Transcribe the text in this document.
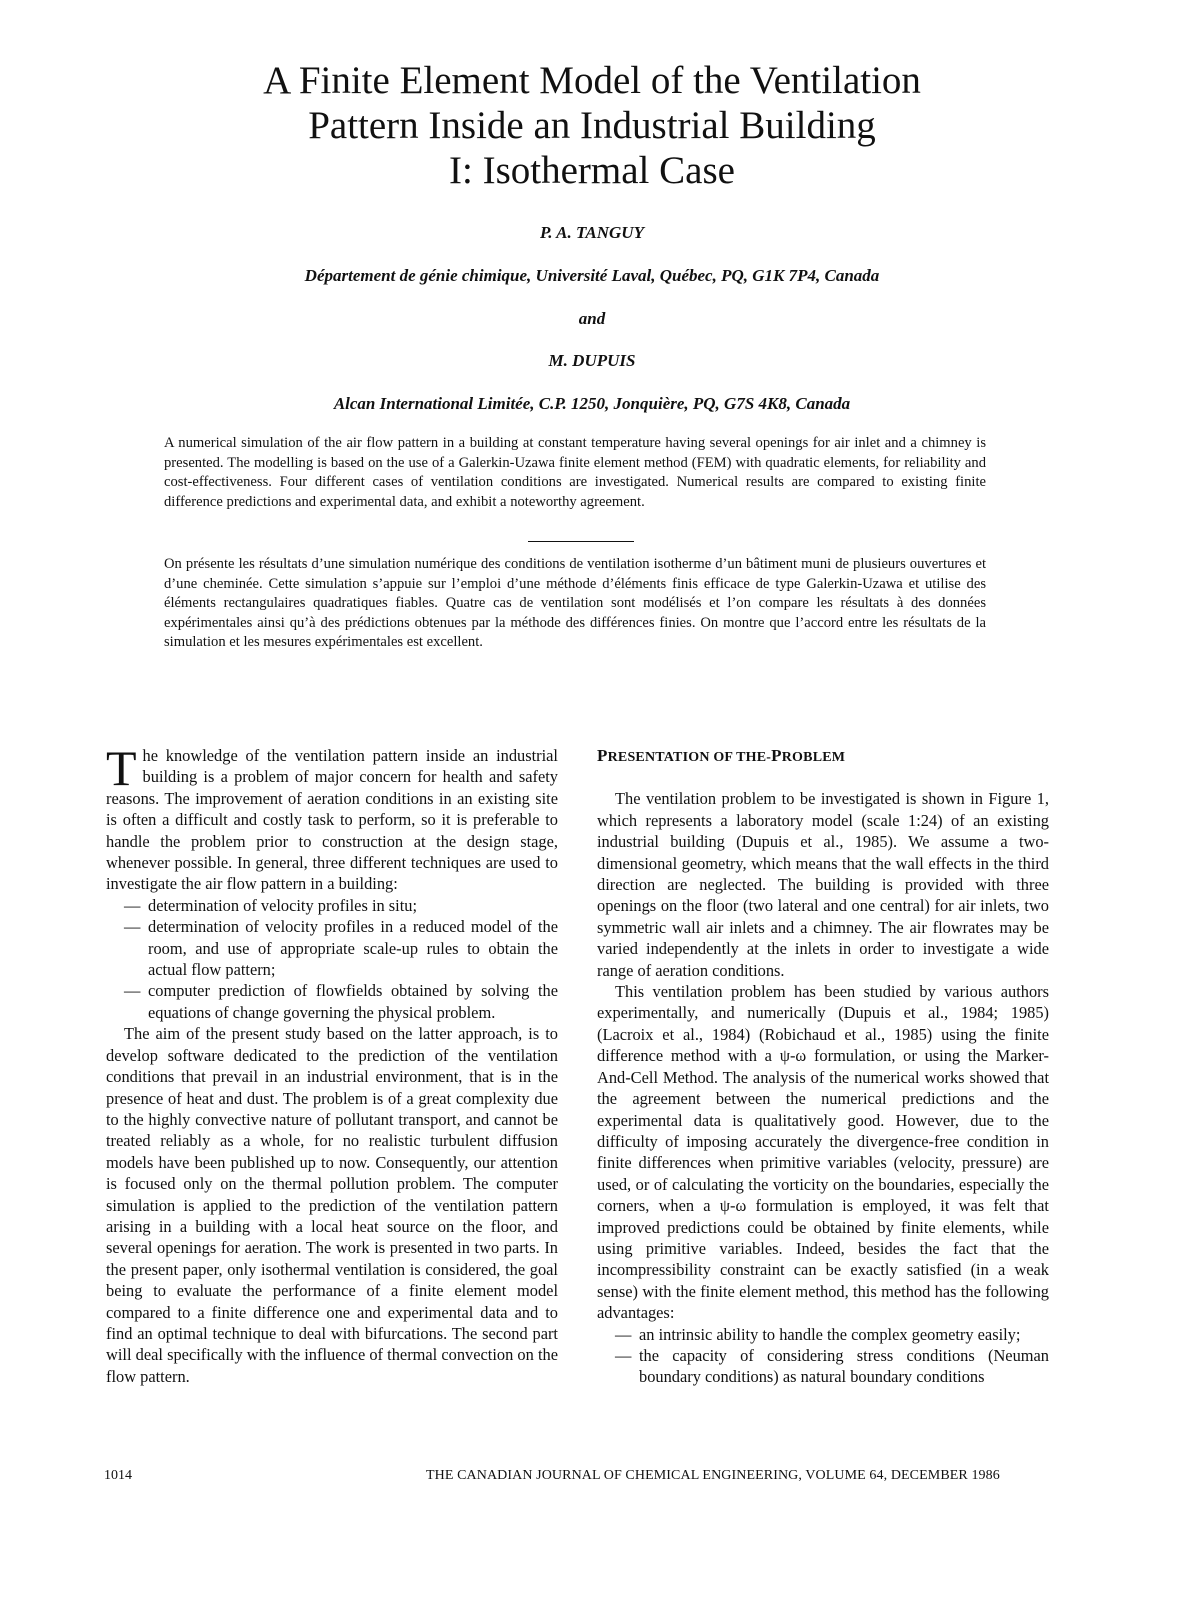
A Finite Element Model of the Ventilation
Pattern Inside an Industrial Building
I: Isothermal Case

P. A. TANGUY

Département de génie chimique, Université Laval, Québec, PQ, G1K 7P4, Canada

and

M. DUPUIS

Alcan International Limitée, C.P. 1250, Jonquière, PQ, G7S 4K8, Canada

A numerical simulation of the air flow pattern in a building at constant temperature having several openings for air inlet and a chimney is presented. The modelling is based on the use of a Galerkin-Uzawa finite element method (FEM) with quadratic elements, for reliability and cost-effectiveness. Four different cases of ventilation conditions are investigated. Numerical results are compared to existing finite difference predictions and experimental data, and exhibit a noteworthy agreement.

On présente les résultats d’une simulation numérique des conditions de ventilation isotherme d’un bâtiment muni de plusieurs ouvertures et d’une cheminée. Cette simulation s’appuie sur l’emploi d’une méthode d’éléments finis efficace de type Galerkin-Uzawa et utilise des éléments rectangulaires quadratiques fiables. Quatre cas de ventilation sont modélisés et l’on compare les résultats à des données expérimentales ainsi qu’à des prédictions obtenues par la méthode des différences finies. On montre que l’accord entre les résultats de la simulation et les mesures expérimentales est excellent.

The knowledge of the ventilation pattern inside an industrial building is a problem of major concern for health and safety reasons. The improvement of aeration conditions in an existing site is often a difficult and costly task to perform, so it is preferable to handle the problem prior to construction at the design stage, whenever possible. In general, three different techniques are used to investigate the air flow pattern in a building:

— determination of velocity profiles in situ;
— determination of velocity profiles in a reduced model of the room, and use of appropriate scale-up rules to obtain the actual flow pattern;
— computer prediction of flowfields obtained by solving the equations of change governing the physical problem.

The aim of the present study based on the latter approach, is to develop software dedicated to the prediction of the ventilation conditions that prevail in an industrial environment, that is in the presence of heat and dust. The problem is of a great complexity due to the highly convective nature of pollutant transport, and cannot be treated reliably as a whole, for no realistic turbulent diffusion models have been published up to now. Consequently, our attention is focused only on the thermal pollution problem. The computer simulation is applied to the prediction of the ventilation pattern arising in a building with a local heat source on the floor, and several openings for aeration. The work is presented in two parts. In the present paper, only isothermal ventilation is considered, the goal being to evaluate the performance of a finite element model compared to a finite difference one and experimental data and to find an optimal technique to deal with bifurcations. The second part will deal specifically with the influence of thermal convection on the flow pattern.

PRESENTATION OF THE‑PROBLEM

The ventilation problem to be investigated is shown in Figure 1, which represents a laboratory model (scale 1:24) of an existing industrial building (Dupuis et al., 1985). We assume a two-dimensional geometry, which means that the wall effects in the third direction are neglected. The building is provided with three openings on the floor (two lateral and one central) for air inlets, two symmetric wall air inlets and a chimney. The air flowrates may be varied independently at the inlets in order to investigate a wide range of aeration conditions.

This ventilation problem has been studied by various authors experimentally, and numerically (Dupuis et al., 1984; 1985) (Lacroix et al., 1984) (Robichaud et al., 1985) using the finite difference method with a ψ-ω formulation, or using the Marker-And-Cell Method. The analysis of the numerical works showed that the agreement between the numerical predictions and the experimental data is qualitatively good. However, due to the difficulty of imposing accurately the divergence-free condition in finite differences when primitive variables (velocity, pressure) are used, or of calculating the vorticity on the boundaries, especially the corners, when a ψ-ω formulation is employed, it was felt that improved predictions could be obtained by finite elements, while using primitive variables. Indeed, besides the fact that the incompressibility constraint can be exactly satisfied (in a weak sense) with the finite element method, this method has the following advantages:

— an intrinsic ability to handle the complex geometry easily;
— the capacity of considering stress conditions (Neuman boundary conditions) as natural boundary conditions

1014	THE CANADIAN JOURNAL OF CHEMICAL ENGINEERING, VOLUME 64, DECEMBER 1986
